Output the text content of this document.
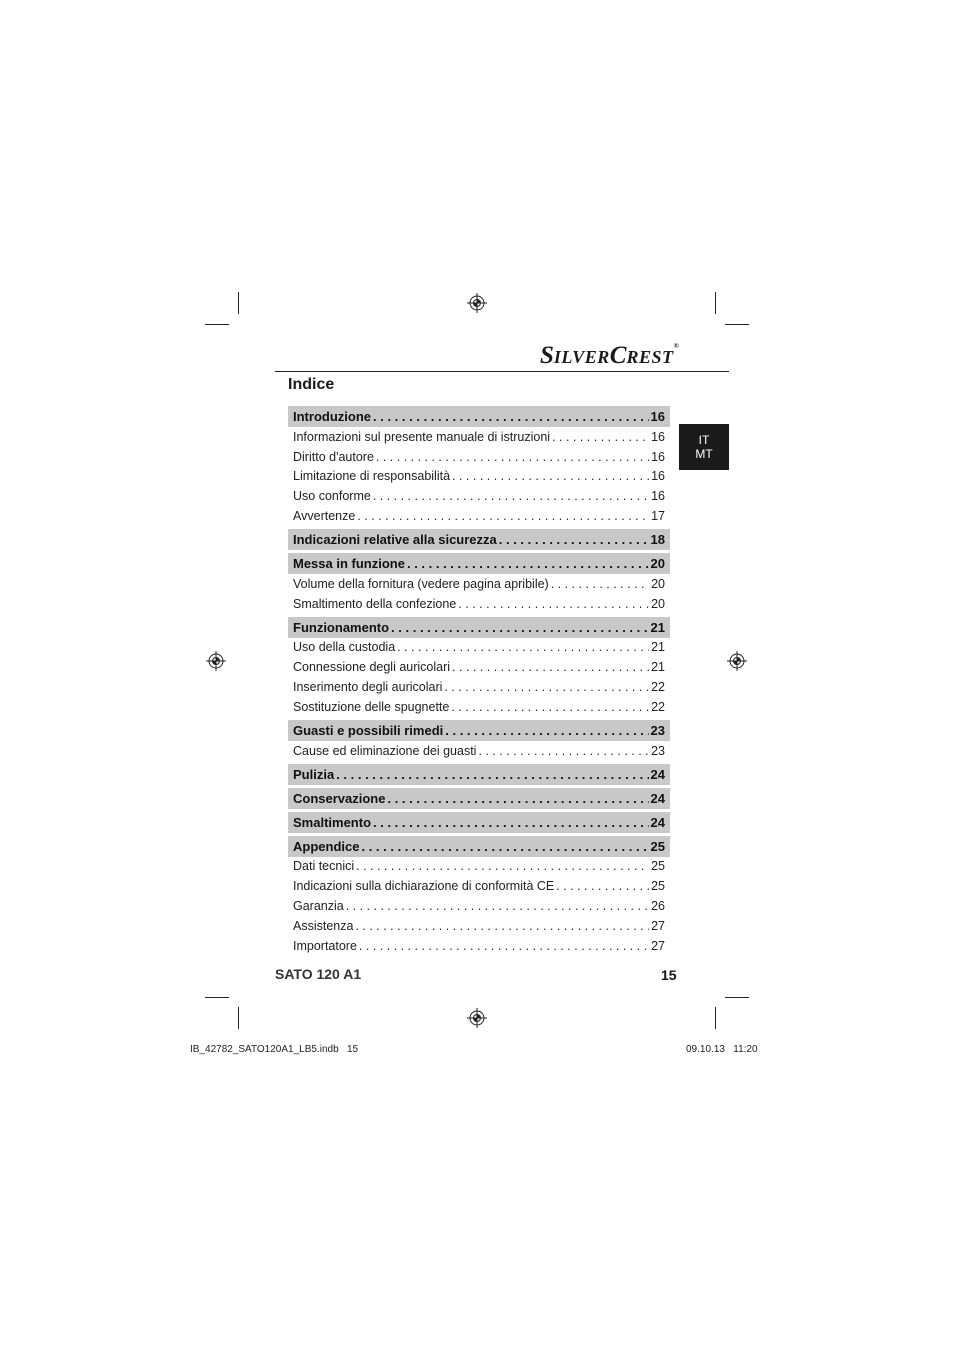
SILVERCREST®
Indice
IT
MT
Introduzione . . .	16
Informazioni sul presente manuale di istruzioni . . .	16
Diritto d'autore . . .	16
Limitazione di responsabilità . . .	16
Uso conforme . . .	16
Avvertenze . . .	17
Indicazioni relative alla sicurezza . . .	18
Messa in funzione . . .	20
Volume della fornitura (vedere pagina apribile) . . .	20
Smaltimento della confezione . . .	20
Funzionamento . . .	21
Uso della custodia . . .	21
Connessione degli auricolari . . .	21
Inserimento degli auricolari . . .	22
Sostituzione delle spugnette . . .	22
Guasti e possibili rimedi . . .	23
Cause ed eliminazione dei guasti . . .	23
Pulizia . . .	24
Conservazione . . .	24
Smaltimento . . .	24
Appendice . . .	25
Dati tecnici . . .	25
Indicazioni sulla dichiarazione di conformità CE . . .	25
Garanzia . . .	26
Assistenza . . .	27
Importatore . . .	27
SATO 120 A1	15
IB_42782_SATO120A1_LB5.indb   15	09.10.13   11:20
